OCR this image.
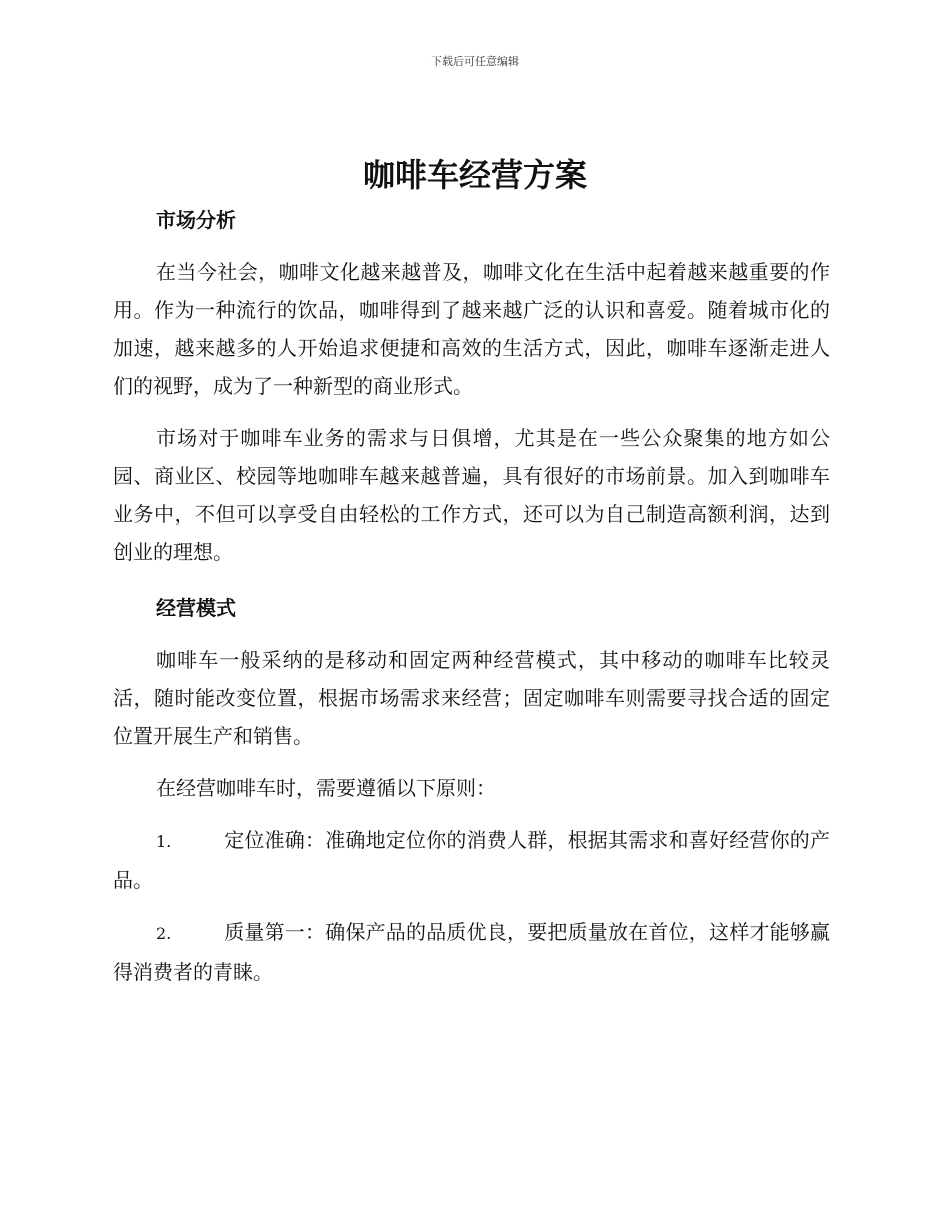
下载后可任意编辑
咖啡车经营方案
市场分析

在当今社会，咖啡文化越来越普及，咖啡文化在生活中起着越来越重要的作用。作为一种流行的饮品，咖啡得到了越来越广泛的认识和喜爱。随着城市化的加速，越来越多的人开始追求便捷和高效的生活方式，因此，咖啡车逐渐走进人们的视野，成为了一种新型的商业形式。

市场对于咖啡车业务的需求与日俱增，尤其是在一些公众聚集的地方如公园、商业区、校园等地咖啡车越来越普遍，具有很好的市场前景。加入到咖啡车业务中，不但可以享受自由轻松的工作方式，还可以为自己制造高额利润，达到创业的理想。

经营模式

咖啡车一般采纳的是移动和固定两种经营模式，其中移动的咖啡车比较灵活，随时能改变位置，根据市场需求来经营；固定咖啡车则需要寻找合适的固定位置开展生产和销售。

在经营咖啡车时，需要遵循以下原则：

1.	定位准确：准确地定位你的消费人群，根据其需求和喜好经营你的产品。

2.	质量第一：确保产品的品质优良，要把质量放在首位，这样才能够赢得消费者的青睐。
